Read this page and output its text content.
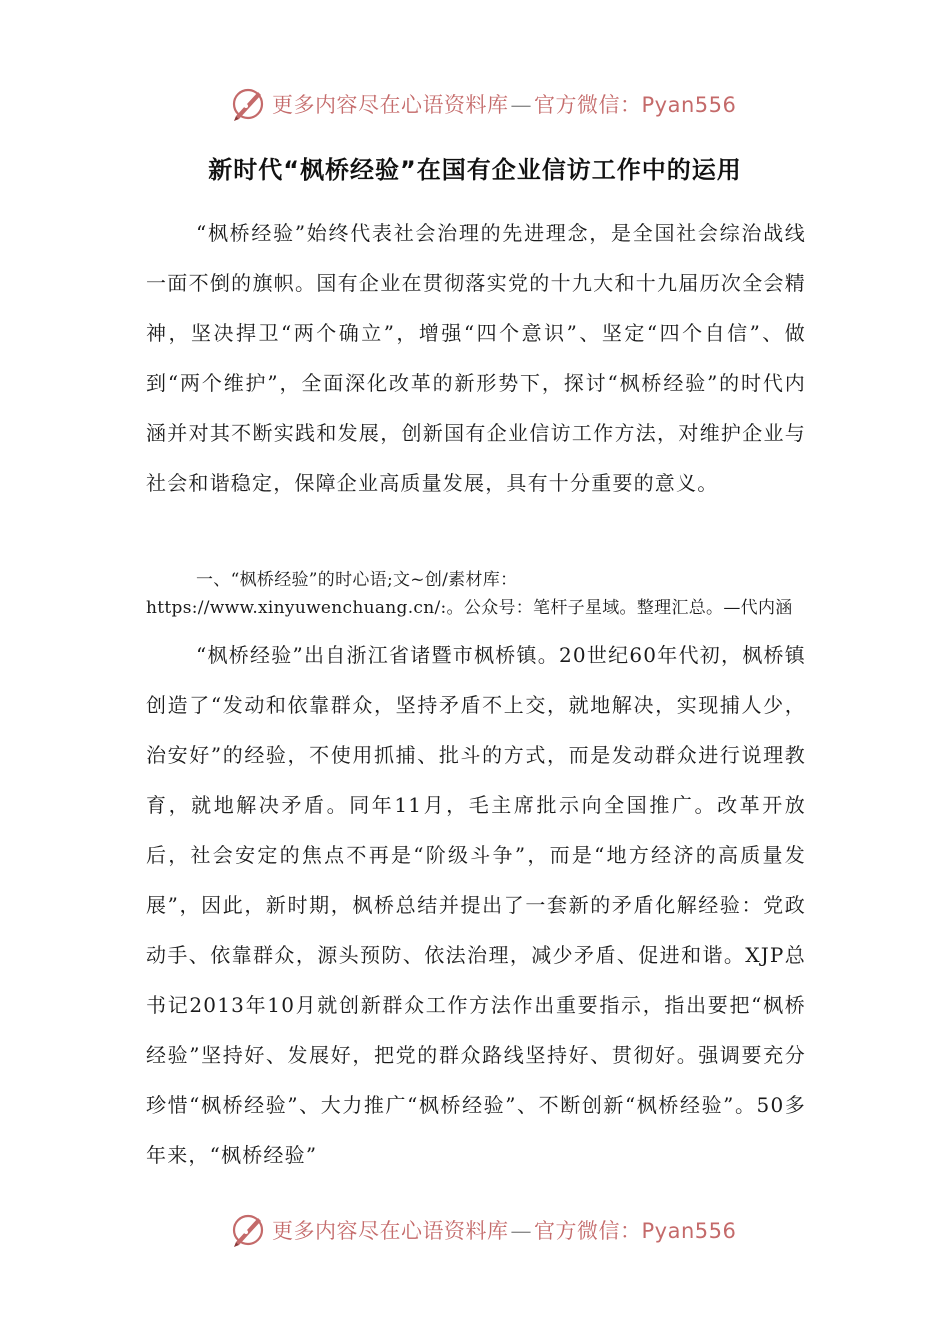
更多内容尽在心语资料库—官方微信：Pyan556
新时代“枫桥经验”在国有企业信访工作中的运用

“枫桥经验”始终代表社会治理的先进理念，是全国社会综治战线一面不倒的旗帜。国有企业在贯彻落实党的十九大和十九届历次全会精神，坚决捍卫“两个确立”，增强“四个意识”、坚定“四个自信”、做到“两个维护”，全面深化改革的新形势下，探讨“枫桥经验”的时代内涵并对其不断实践和发展，创新国有企业信访工作方法，对维护企业与社会和谐稳定，保障企业高质量发展，具有十分重要的意义。

一、“枫桥经验”的时心语;文~创/素材库：https://www.xinyuwenchuang.cn/:。公众号：笔杆子星域。整理汇总。—代内涵

“枫桥经验”出自浙江省诸暨市枫桥镇。20世纪60年代初，枫桥镇创造了“发动和依靠群众，坚持矛盾不上交，就地解决，实现捕人少，治安好”的经验，不使用抓捕、批斗的方式，而是发动群众进行说理教育，就地解决矛盾。同年11月，毛主席批示向全国推广。改革开放后，社会安定的焦点不再是“阶级斗争”，而是“地方经济的高质量发展”，因此，新时期，枫桥总结并提出了一套新的矛盾化解经验：党政动手、依靠群众，源头预防、依法治理，减少矛盾、促进和谐。XJP总书记2013年10月就创新群众工作方法作出重要指示，指出要把“枫桥经验”坚持好、发展好，把党的群众路线坚持好、贯彻好。强调要充分珍惜“枫桥经验”、大力推广“枫桥经验”、不断创新“枫桥经验”。50多年来，“枫桥经验”

更多内容尽在心语资料库—官方微信：Pyan556
